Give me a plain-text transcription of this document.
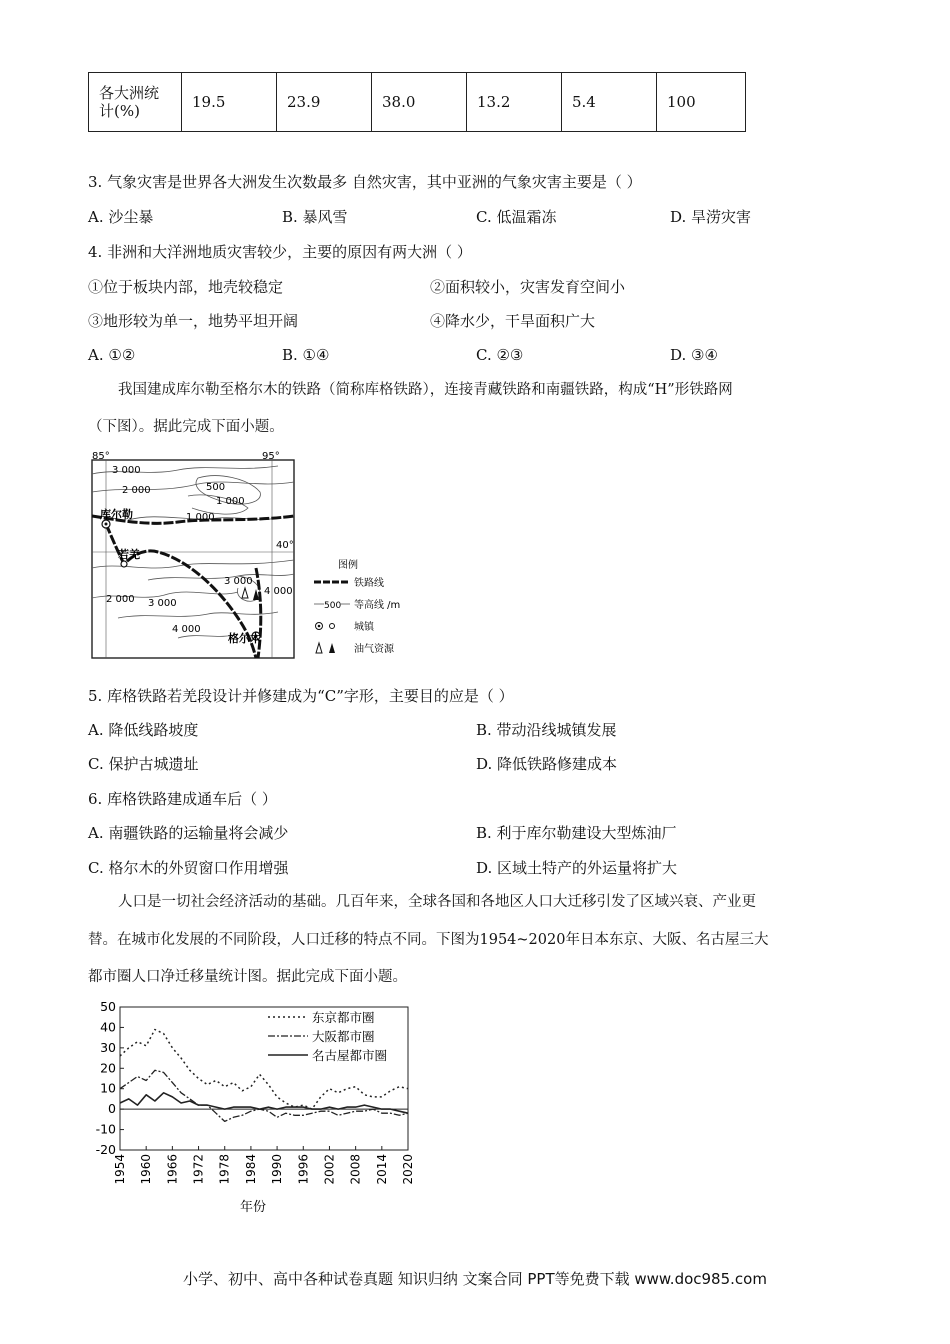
各大洲统
计(%)	19.5	23.9	38.0	13.2	5.4	100
3. 气象灾害是世界各大洲发生次数最多 自然灾害，其中亚洲的气象灾害主要是（ ）
A. 沙尘暴	B. 暴风雪	C. 低温霜冻	D. 旱涝灾害
4. 非洲和大洋洲地质灾害较少，主要的原因有两大洲（ ）
①位于板块内部，地壳较稳定	②面积较小，灾害发育空间小
③地形较为单一，地势平坦开阔	④降水少，干旱面积广大
A. ①②	B. ①④	C. ②③	D. ③④
我国建成库尔勒至格尔木的铁路（简称库格铁路），连接青藏铁路和南疆铁路，构成“H”形铁路网
（下图）。据此完成下面小题。
85°	95°
40°
3 000
2 000	500
1 000
1 000
3 000
4 000
2 000 3 000
4 000
库尔勒
若羌
格尔木
图例
铁路线
500 等高线 /m
城镇
油气资源
5. 库格铁路若羌段设计并修建成为“C”字形，主要目的应是（ ）
A. 降低线路坡度	B. 带动沿线城镇发展
C. 保护古城遗址	D. 降低铁路修建成本
6. 库格铁路建成通车后（ ）
A. 南疆铁路的运输量将会减少	B. 利于库尔勒建设大型炼油厂
C. 格尔木的外贸窗口作用增强	D. 区域土特产的外运量将扩大
人口是一切社会经济活动的基础。几百年来，全球各国和各地区人口大迁移引发了区域兴衰、产业更
替。在城市化发展的不同阶段，人口迁移的特点不同。下图为1954~2020年日本东京、大阪、名古屋三大
都市圈人口净迁移量统计图。据此完成下面小题。
50
40
30
20
10
0
-10
-20
1954 1960 1966 1972 1978 1984 1990 1996 2002 2008 2014 2020
东京都市圈
大阪都市圈
名古屋都市圈
年份
小学、初中、高中各种试卷真题 知识归纳 文案合同 PPT等免费下载 www.doc985.com
